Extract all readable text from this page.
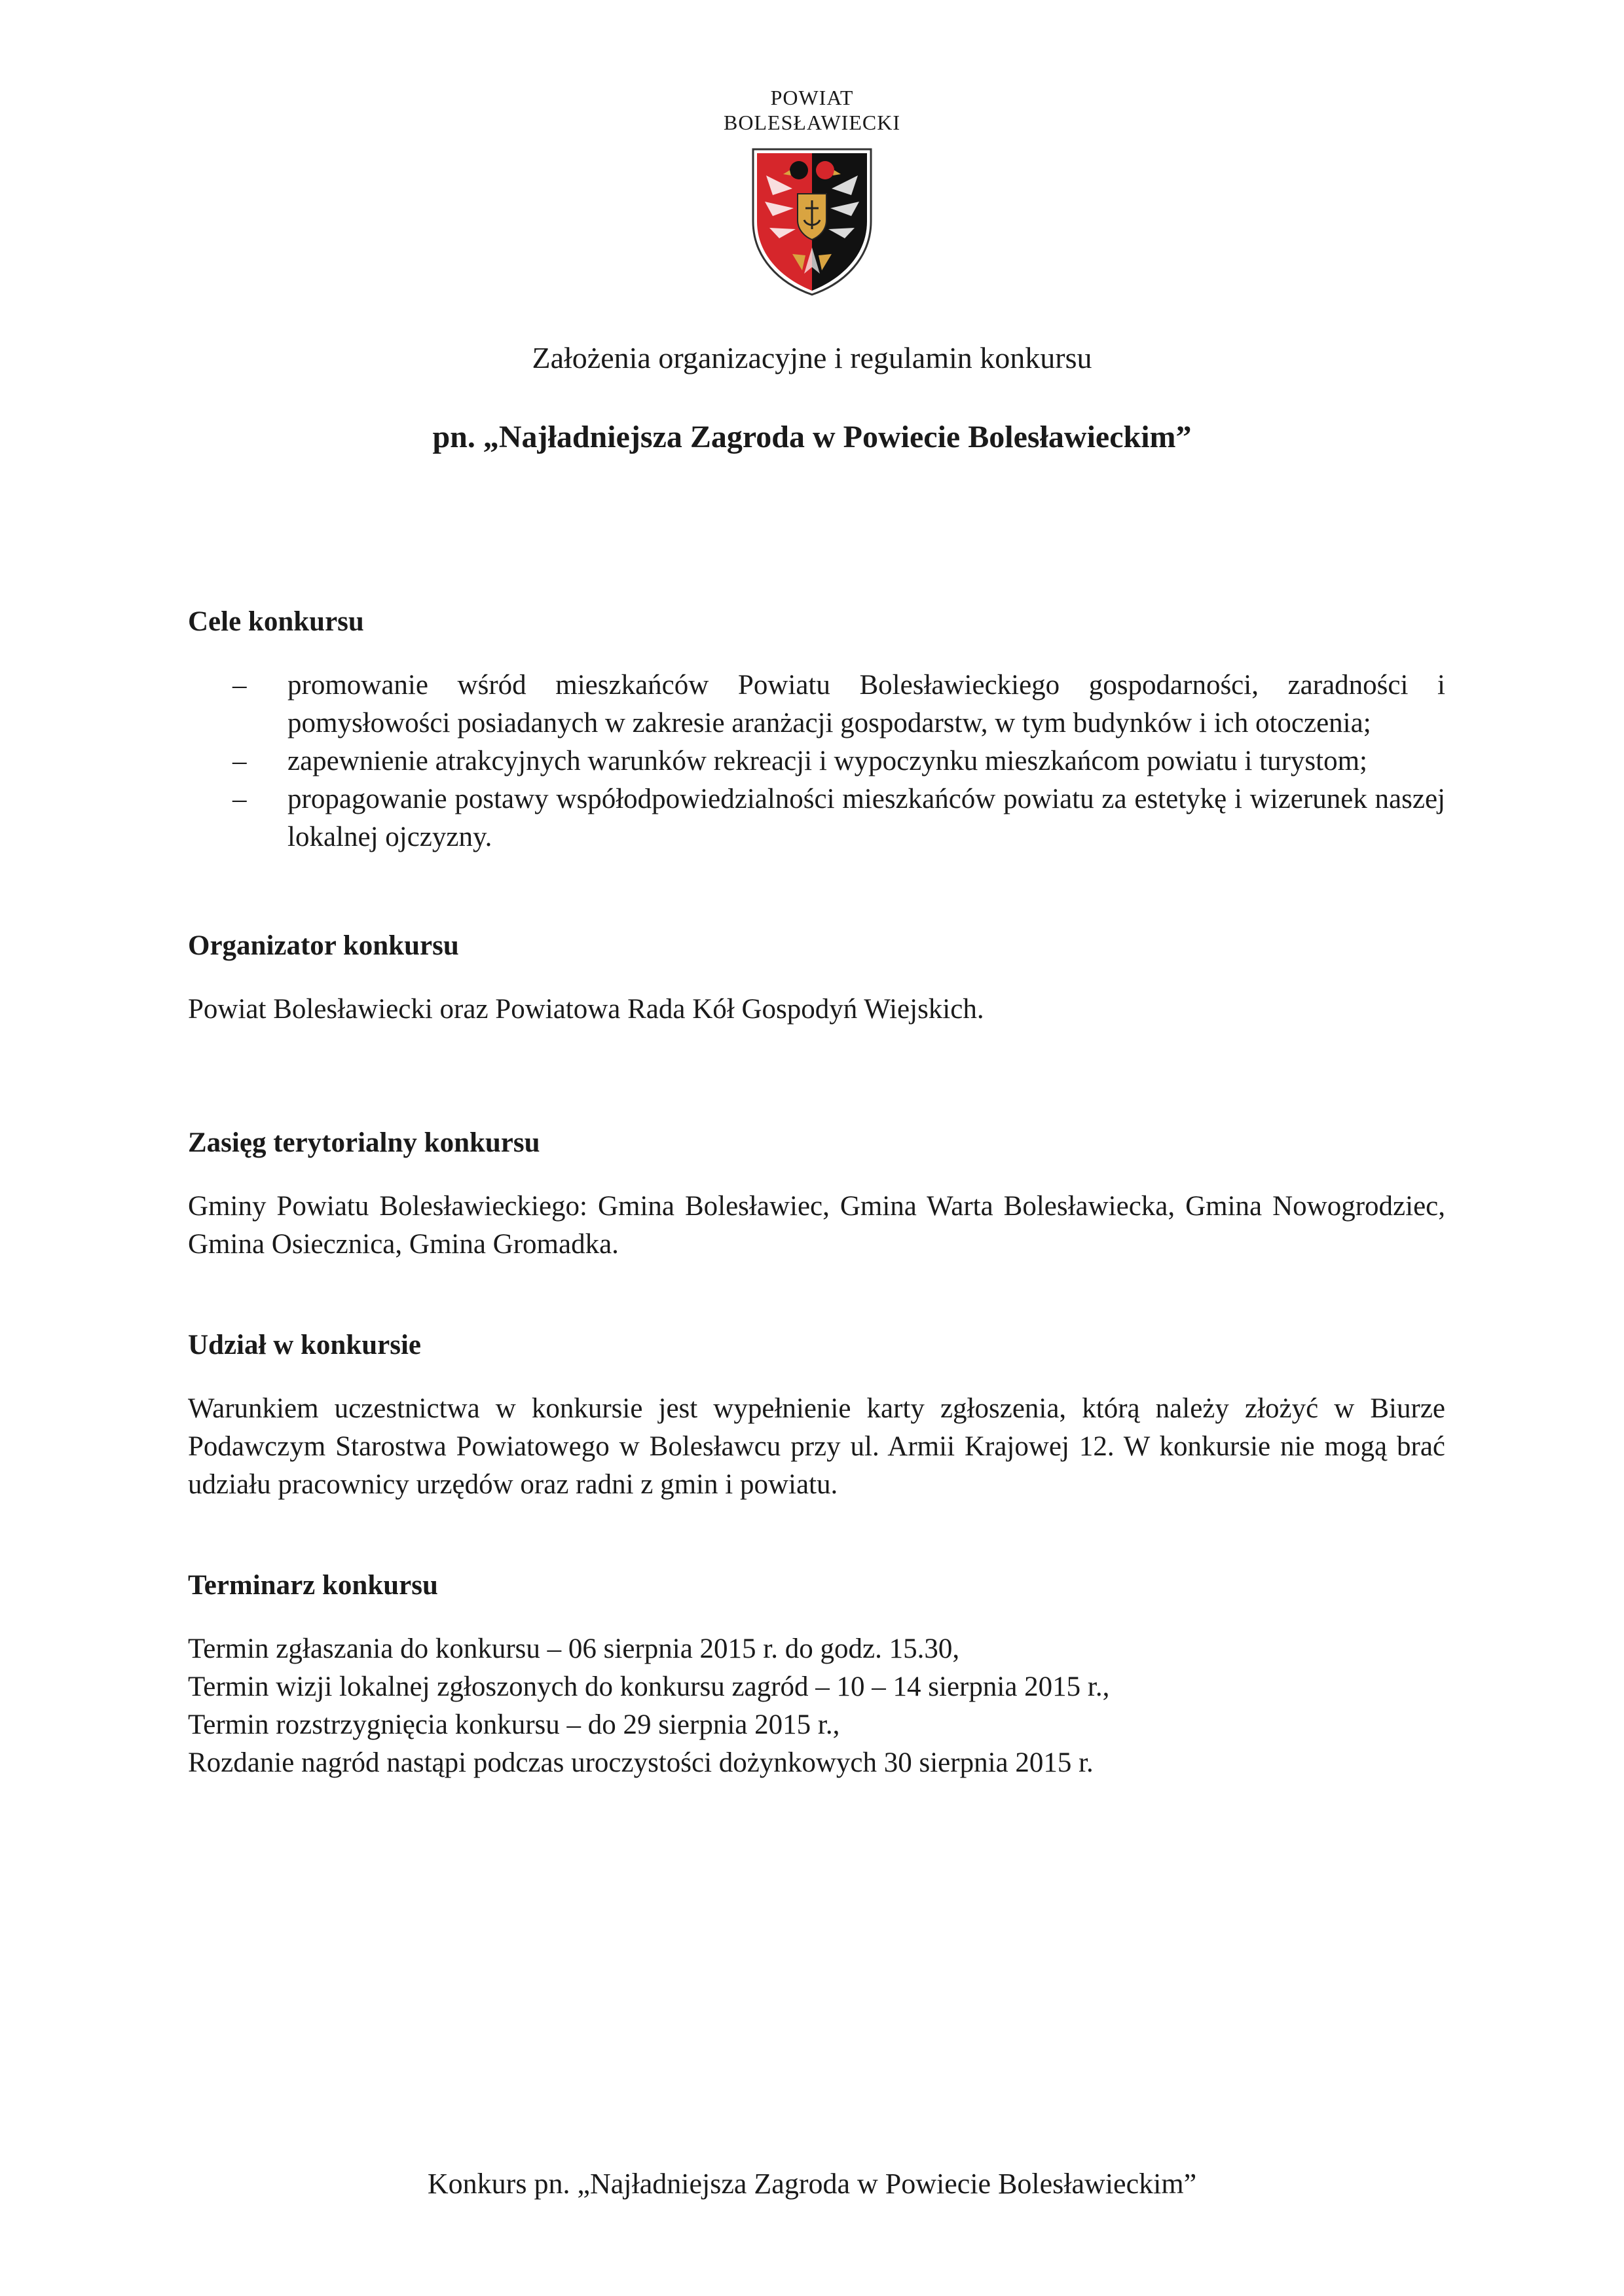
POWIAT
BOLESŁAWIECKI
Założenia organizacyjne i regulamin konkursu
pn. „Najładniejsza Zagroda w Powiecie Bolesławieckim”
Cele konkursu
– promowanie wśród mieszkańców Powiatu Bolesławieckiego gospodarności, zaradności i pomysłowości posiadanych w zakresie aranżacji gospodarstw, w tym budynków i ich otoczenia;
– zapewnienie atrakcyjnych warunków rekreacji i wypoczynku mieszkańcom powiatu i turystom;
– propagowanie postawy współodpowiedzialności mieszkańców powiatu za estetykę i wizerunek naszej lokalnej ojczyzny.
Organizator konkursu

Powiat Bolesławiecki oraz Powiatowa Rada Kół Gospodyń Wiejskich.

Zasięg terytorialny konkursu

Gminy Powiatu Bolesławieckiego: Gmina Bolesławiec, Gmina Warta Bolesławiecka, Gmina Nowogrodziec, Gmina Osiecznica, Gmina Gromadka.

Udział w konkursie

Warunkiem uczestnictwa w konkursie jest wypełnienie karty zgłoszenia, którą należy złożyć w Biurze Podawczym Starostwa Powiatowego w Bolesławcu przy ul. Armii Krajowej 12. W konkursie nie mogą brać udziału pracownicy urzędów oraz radni z gmin i powiatu.

Terminarz konkursu

Termin zgłaszania do konkursu – 06 sierpnia 2015 r. do godz. 15.30,

Termin wizji lokalnej zgłoszonych do konkursu zagród – 10 – 14 sierpnia 2015 r.,

Termin rozstrzygnięcia konkursu – do 29 sierpnia 2015 r.,

Rozdanie nagród nastąpi podczas uroczystości dożynkowych 30 sierpnia 2015 r.

Konkurs pn. „Najładniejsza Zagroda w Powiecie Bolesławieckim”
